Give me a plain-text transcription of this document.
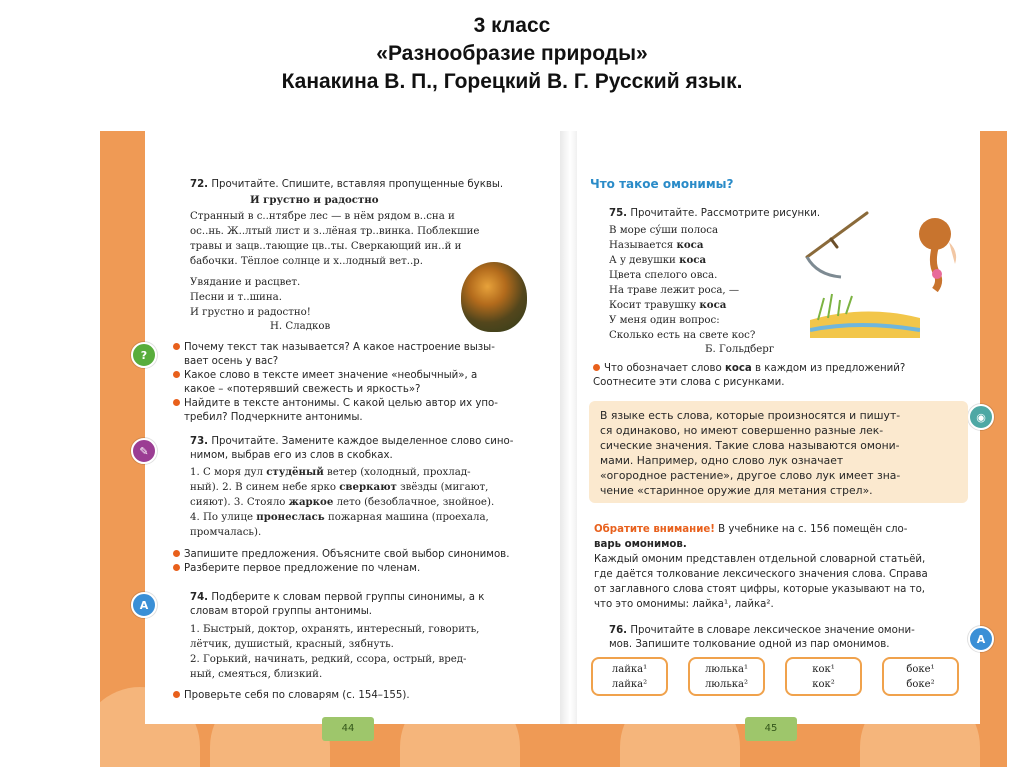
3 класс
«Разнообразие природы»
Канакина В. П., Горецкий В. Г. Русский язык.
44	45
?
✎
A
◉
A
72. Прочитайте. Спишите, вставляя пропущенные буквы.
И грустно и радостно
Странный в с..нтябре лес — в нём рядом в..сна и
ос..нь. Ж..лтый лист и з..лёная тр..винка. Поблекшие
травы и зацв..тающие цв..ты. Сверкающий ин..й и
бабочки. Тёплое солнце и х..лодный вет..р.
Увядание и расцвет.
Песни и т..шина.
И грустно и радостно!
Н. Сладков
Почему текст так называется? А какое настроение вызы-
вает осень у вас?
Какое слово в тексте имеет значение «необычный», а
какое – «потерявший свежесть и яркость»?
Найдите в тексте антонимы. С какой целью автор их упо-
требил? Подчеркните антонимы.
73. Прочитайте. Замените каждое выделенное слово сино-
нимом, выбрав его из слов в скобках.
1. С моря дул студёный ветер (холодный, прохлад-
ный). 2. В синем небе ярко сверкают звёзды (мигают,
сияют). 3. Стояло жаркое лето (безоблачное, знойное).
4. По улице пронеслась пожарная машина (проехала,
промчалась).
Запишите предложения. Объясните свой выбор синонимов.
Разберите первое предложение по членам.
74. Подберите к словам первой группы синонимы, а к
словам второй группы антонимы.
1. Быстрый, доктор, охранять, интересный, говорить,
лётчик, душистый, красный, зябнуть.
2. Горький, начинать, редкий, ссора, острый, вред-
ный, смеяться, близкий.
Проверьте себя по словарям (с. 154–155).
Что такое омонимы?
75. Прочитайте. Рассмотрите рисунки.
В море су́ши полоса
Называется коса
А у девушки коса
Цвета спелого овса.
На траве лежит роса, —
Косит травушку коса
У меня один вопрос:
Сколько есть на свете кос?
Б. Гольдберг
Что обозначает слово коса в каждом из предложений?
Соотнесите эти слова с рисунками.
В языке есть слова, которые произносятся и пишут-
ся одинаково, но имеют совершенно разные лек-
сические значения. Такие слова называются омони-
мами. Например, одно слово лук означает
«огородное растение», другое слово лук имеет зна-
чение «старинное оружие для метания стрел».
Обратите внимание! В учебнике на с. 156 помещён сло-
варь омонимов.
Каждый омоним представлен отдельной словарной статьёй,
где даётся толкование лексического значения слова. Справа
от заглавного слова стоят цифры, которые указывают на то,
что это омонимы: лайка¹, лайка².
76. Прочитайте в словаре лексическое значение омони-
мов. Запишите толкование одной из пар омонимов.
лайка¹
лайка²
люлька¹
люлька²
кок¹
кок²
боке¹
боке²
